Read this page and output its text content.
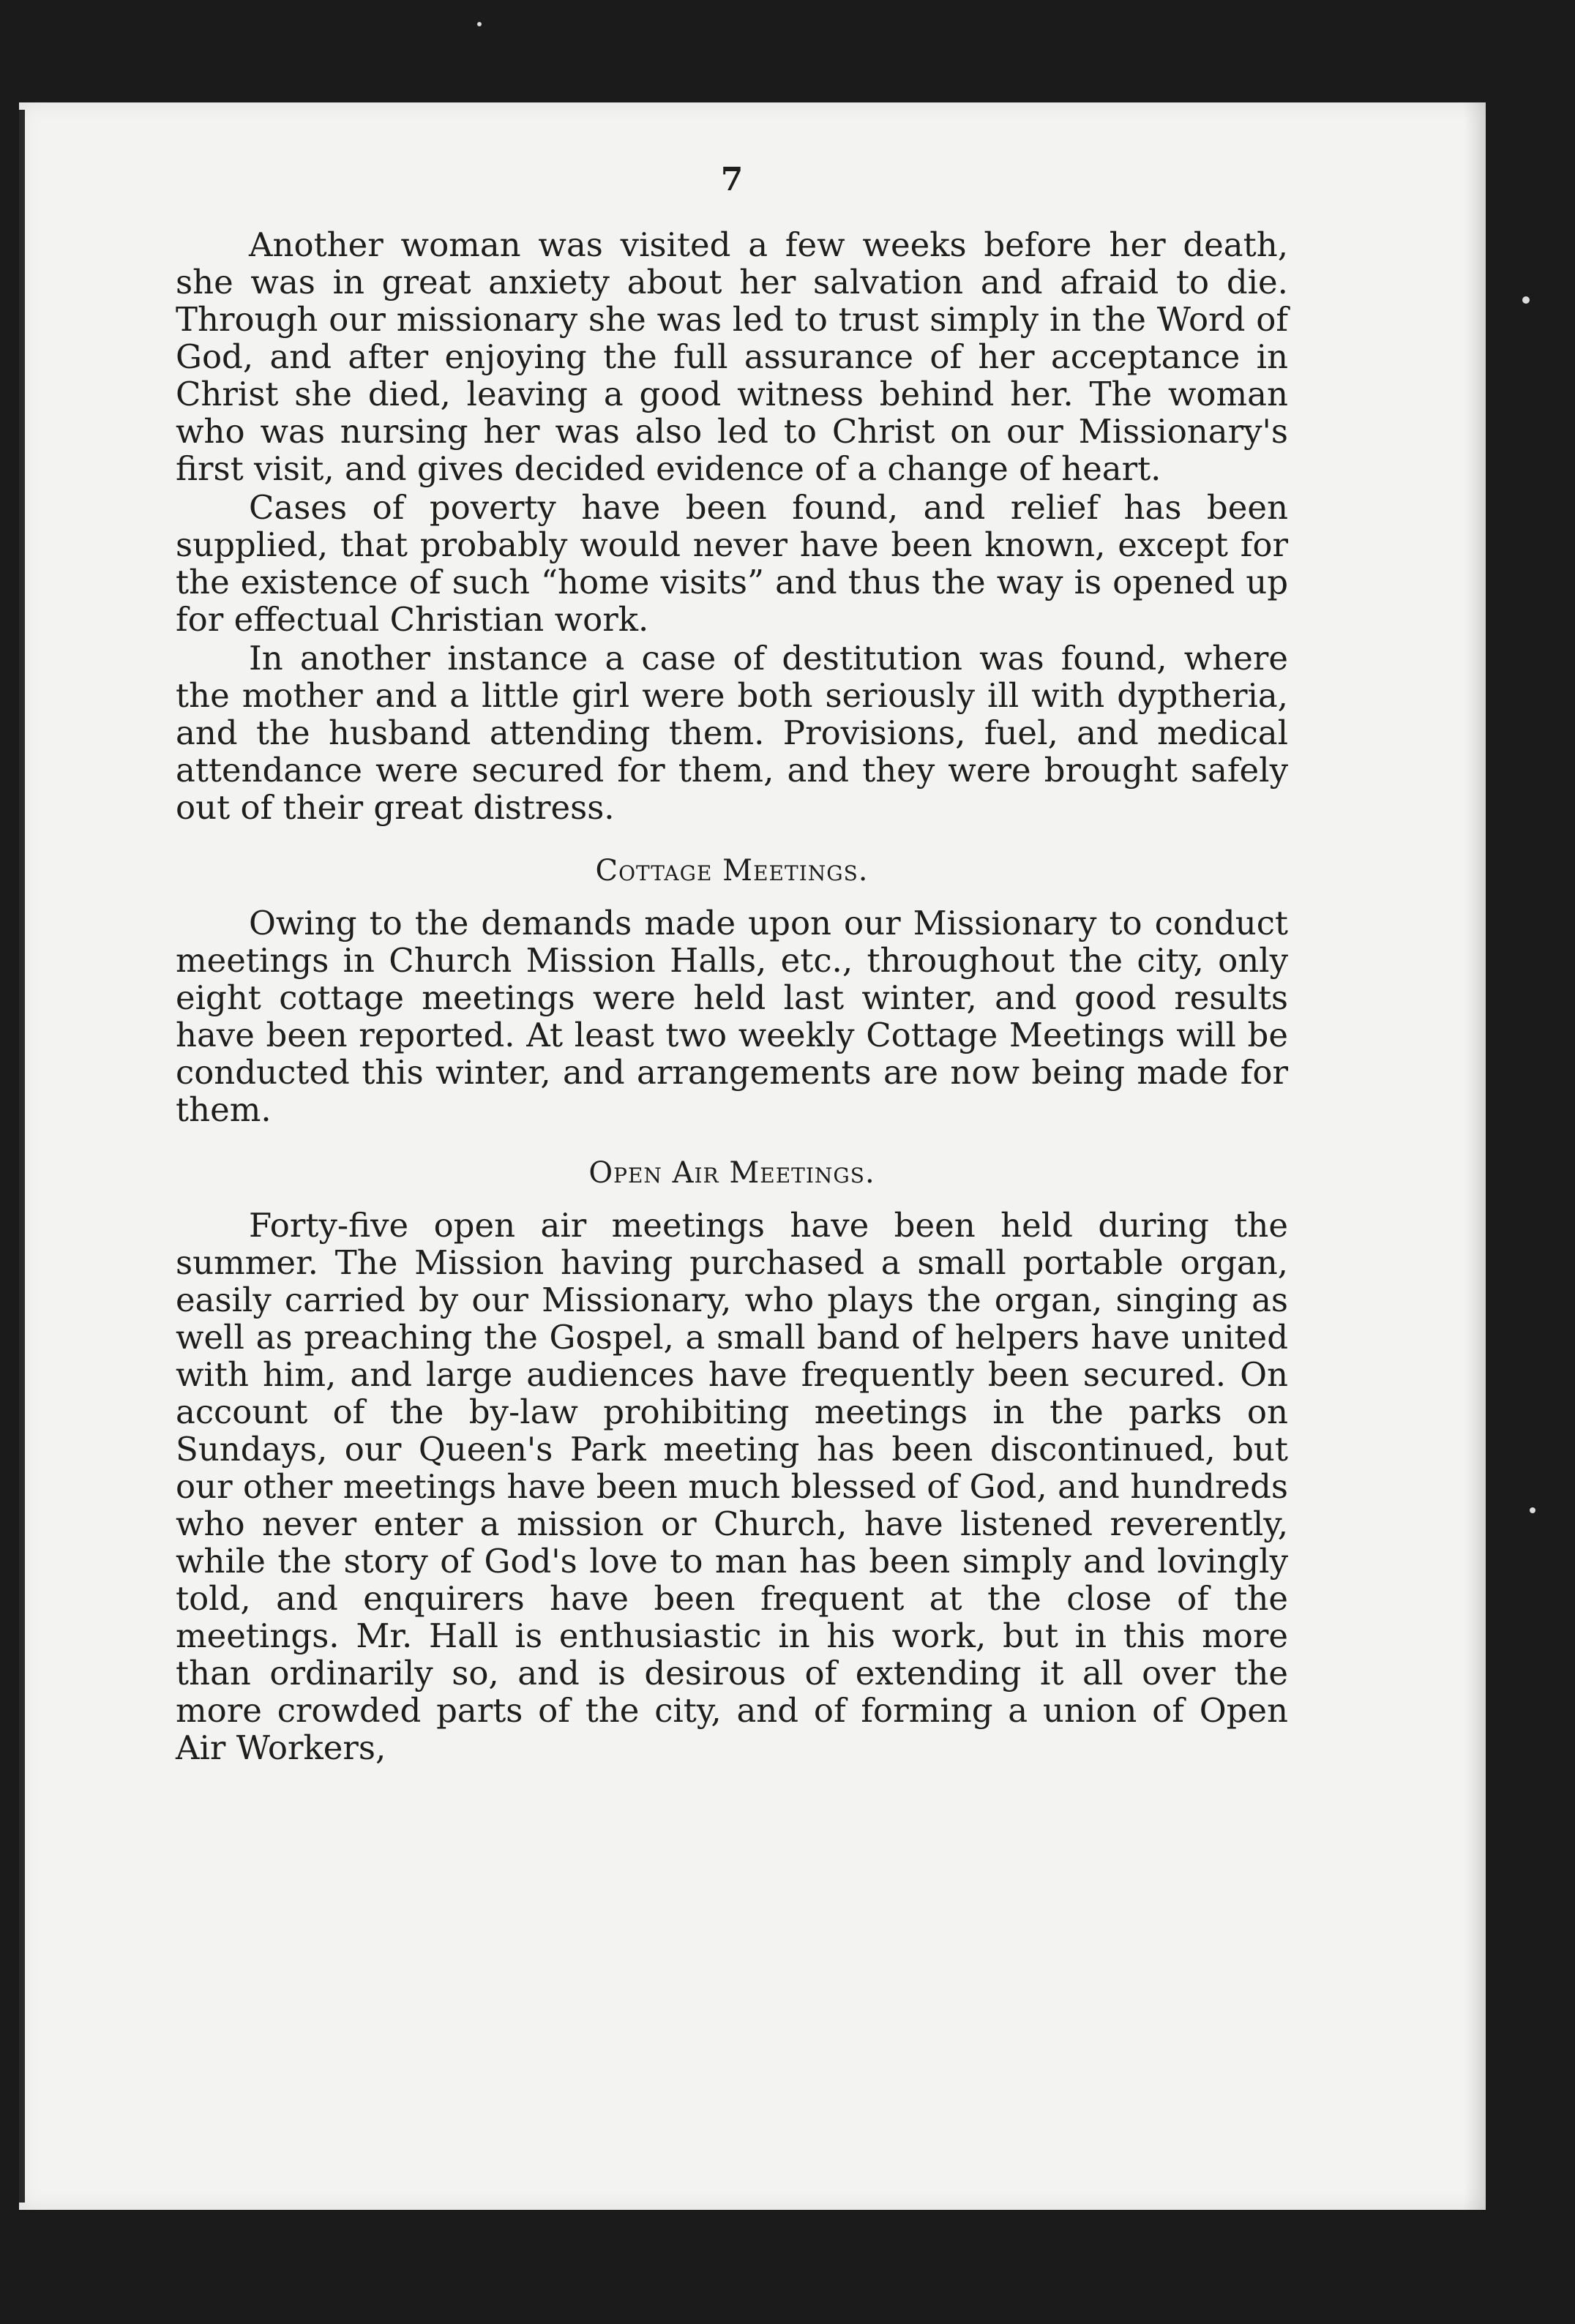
7

Another woman was visited a few weeks before her death, she was in great anxiety about her salvation and afraid to die. Through our missionary she was led to trust simply in the Word of God, and after enjoying the full assurance of her acceptance in Christ she died, leaving a good witness behind her. The woman who was nursing her was also led to Christ on our Missionary's first visit, and gives decided evidence of a change of heart.

Cases of poverty have been found, and relief has been supplied, that probably would never have been known, except for the existence of such “home visits” and thus the way is opened up for effectual Christian work.

In another instance a case of destitution was found, where the mother and a little girl were both seriously ill with dyptheria, and the husband attending them. Provisions, fuel, and medical attendance were secured for them, and they were brought safely out of their great distress.

Cottage Meetings.

Owing to the demands made upon our Missionary to conduct meetings in Church Mission Halls, etc., throughout the city, only eight cottage meetings were held last winter, and good results have been reported. At least two weekly Cottage Meetings will be conducted this winter, and arrangements are now being made for them.

Open Air Meetings.

Forty-five open air meetings have been held during the summer. The Mission having purchased a small portable organ, easily carried by our Missionary, who plays the organ, singing as well as preaching the Gospel, a small band of helpers have united with him, and large audiences have frequently been secured. On account of the by-law prohibiting meetings in the parks on Sundays, our Queen's Park meeting has been discontinued, but our other meetings have been much blessed of God, and hundreds who never enter a mission or Church, have listened reverently, while the story of God's love to man has been simply and lovingly told, and enquirers have been frequent at the close of the meetings. Mr. Hall is enthusiastic in his work, but in this more than ordinarily so, and is desirous of extending it all over the more crowded parts of the city, and of forming a union of Open Air Workers,
